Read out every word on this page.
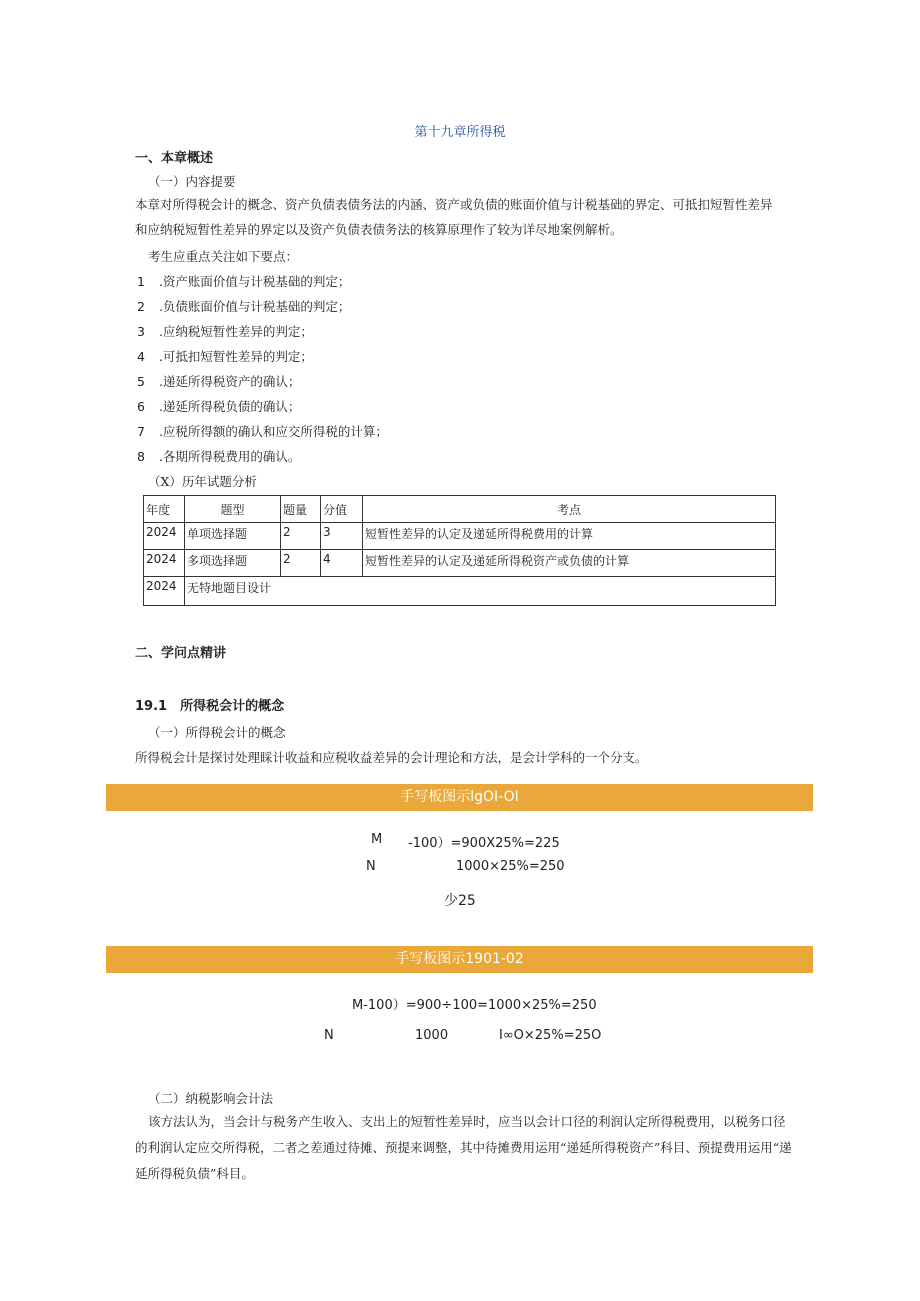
第十九章所得税
一、本章概述
（一）内容提要
本章对所得税会计的概念、资产负债表债务法的内涵、资产或负债的账面价值与计税基础的界定、可抵扣短暂性差异
和应纳税短暂性差异的界定以及资产负债表债务法的核算原理作了较为详尽地案例解析。
考生应重点关注如下要点：
1 .资产账面价值与计税基础的判定；
2 .负债账面价值与计税基础的判定；
3 .应纳税短暂性差异的判定；
4 .可抵扣短暂性差异的判定；
5 .递延所得税资产的确认；
6 .递延所得税负债的确认；
7 .应税所得额的确认和应交所得税的计算；
8 .各期所得税费用的确认。
（X）历年试题分析
年度	题型	题量	分值	考点
2024	单项选择题	2	3	短暂性差异的认定及递延所得税费用的计算
2024	多项选择题	2	4	短暂性差异的认定及递延所得税资产或负债的计算
2024	无特地题目设计			
二、学问点精讲
19.1　所得税会计的概念
（一）所得税会计的概念
所得税会计是探讨处理睬计收益和应税收益差异的会计理论和方法，是会计学科的一个分支。
手写板图示lgOI-OI
M -100）=900X25%=225
N	1000×25%=250
少25
手写板图示1901-02
M-100）=900÷100=1000×25%=250
N	1000	I∞O×25%=25O
（二）纳税影响会计法
该方法认为，当会计与税务产生收入、支出上的短暂性差异时，应当以会计口径的利润认定所得税费用，以税务口径
的利润认定应交所得税，二者之差通过待摊、预提来调整，其中待摊费用运用“递延所得税资产”科目、预提费用运用“递
延所得税负债”科目。
